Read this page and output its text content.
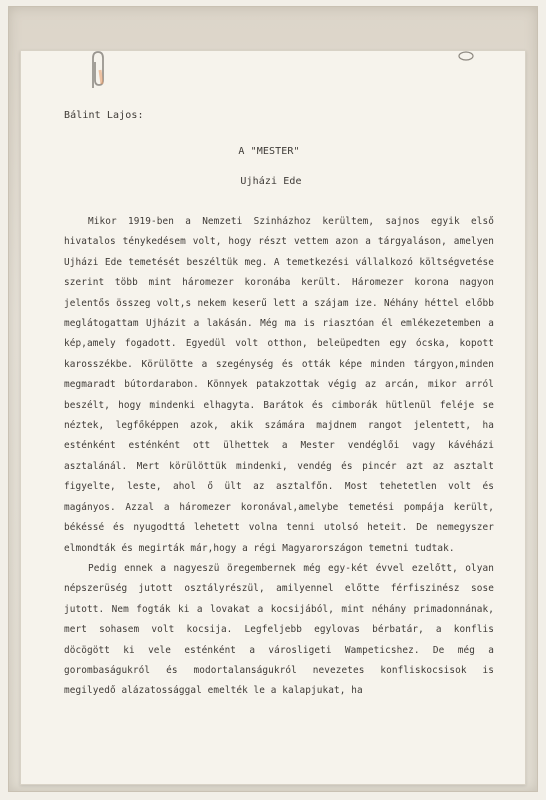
Bálint Lajos:
A "MESTER"
Ujházi Ede

Mikor 1919-ben a Nemzeti Szinházhoz kerültem, sajnos egyik első hivatalos ténykedésem volt, hogy részt vettem azon a tárgyaláson, amelyen Ujházi Ede temetését beszéltük meg. A temetkezési vállalkozó költségvetése szerint több mint háromezer koronába került. Háromezer korona nagyon jelentős összeg volt,s nekem keserű lett a szájam ize. Néhány héttel előbb meglátogattam Ujházit a lakásán. Még ma is riasztóan él emlékezetemben a kép,amely fogadott. Egyedül volt otthon, beleüpedten egy ócska, kopott karosszékbe. Körülötte a szegénység és ották képe minden tárgyon,minden megmaradt bútordarabon. Könnyek patakzottak végig az arcán, mikor arról beszélt, hogy mindenki elhagyta. Barátok és cimborák hütlenül feléje se néztek, legfőképpen azok, akik számára majdnem rangot jelentett, ha esténként esténként ott ülhettek a Mester vendéglői vagy kávéházi asztalánál. Mert körülöttük mindenki, vendég és pincér azt az asztalt figyelte, leste, ahol ő ült az asztalfőn. Most tehetetlen volt és magányos. Azzal a háromezer koronával,amelybe temetési pompája került, békéssé és nyugodttá lehetett volna tenni utolsó heteit. De nemegyszer elmondták és megirták már,hogy a régi Magyarországon temetni tudtak.

Pedig ennek a nagyeszü öregembernek még egy-két évvel ezelőtt, olyan népszerüség jutott osztályrészül, amilyennel előtte férfiszinész sose jutott. Nem fogták ki a lovakat a kocsijából, mint néhány primadonnának, mert sohasem volt kocsija. Legfeljebb egylovas bérbatár, a konflis döcögött ki vele esténként a városligeti Wampeticshez. De még a gorombaságukról és modortalanságukról nevezetes konfliskocsisok is megilyedő alázatossággal emelték le a kalapjukat, ha
